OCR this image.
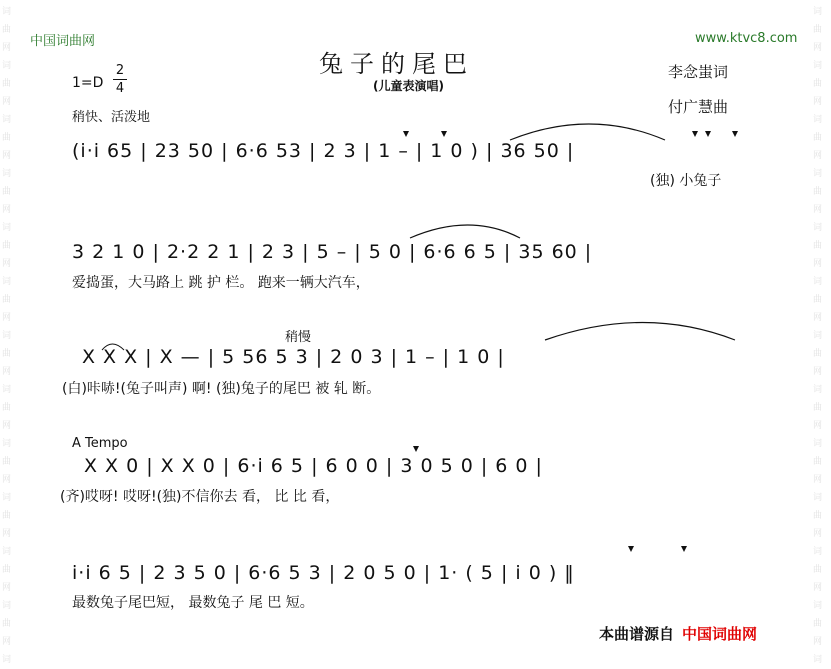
词
曲
网
词
曲
网
词
曲
网
词
曲
网
词
曲
网
词
曲
网
词
曲
网
词
曲
网
词
曲
网
词
曲
网
词
曲
网
词
曲
网
词
词
曲
网
词
曲
网
词
曲
网
词
曲
网
词
曲
网
词
曲
网
词
曲
网
词
曲
网
词
曲
网
词
曲
网
词
曲
网
词
曲
网
词
中国词曲网	www.ktvc8.com
兔子的尾巴
(儿童表演唱)
李念蚩词
付广慧曲
1=D
2
4
稍快、活泼地
(i·i 65 | 23 50 | 6·6 53 | 2 3 | 1 – | 1 0 ) | 36 50 |
(独) 小兔子
3 2 1 0 | 2·2 2 1 | 2 3 | 5 – | 5 0 | 6·6 6 5 | 35 60 |
爱捣蛋，大马路上 跳 护 栏。 跑来一辆大汽车，
稍慢
X X X | X — | 5 56 5 3 | 2 0 3 | 1 – | 1 0 |
(白)咔哧!(兔子叫声) 啊! (独)兔子的尾巴 被 轧 断。
A Tempo
X X 0 | X X 0 | 6·i 6 5 | 6 0 0 | 3 0 5 0 | 6 0 |
(齐)哎呀! 哎呀!(独)不信你去 看， 比 比 看，
i·i 6 5 | 2 3 5 0 | 6·6 5 3 | 2 0 5 0 | 1· ( 5 | i 0 ) ‖
最数兔子尾巴短， 最数兔子 尾 巴 短。
本曲谱源自 中国词曲网
